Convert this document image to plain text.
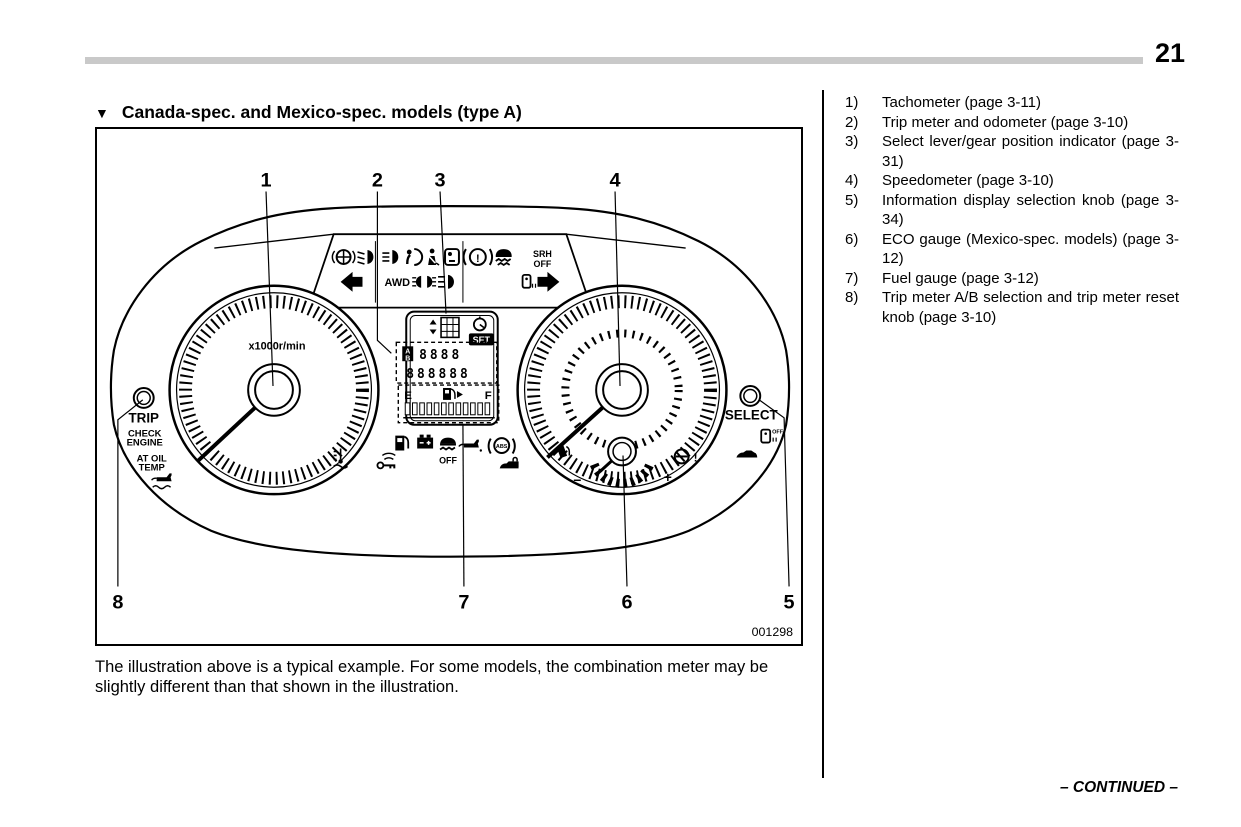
21
▼ Canada-spec. and Mexico-spec. models (type A)
!	SRH
OFF
AWD
x1000r/min
−	+
!
SET
A
B 8888
888888
E	F
OFF
ABS
TRIP
CHECK
ENGINE
AT OIL
TEMP
SELECT
OFF
1	2	3	4
8	7	6	5
001298
The illustration above is a typical example. For some models, the combination meter may be slightly different than that shown in the illustration.
1)	Tachometer (page 3-11)
2)	Trip meter and odometer (page 3-10)
3)	Select lever/gear position indicator (page 3-31)
4)	Speedometer (page 3-10)
5)	Information display selection knob (page 3-34)
6)	ECO gauge (Mexico-spec. models) (page 3-12)
7)	Fuel gauge (page 3-12)
8)	Trip meter A/B selection and trip meter reset knob (page 3-10)
– CONTINUED –
